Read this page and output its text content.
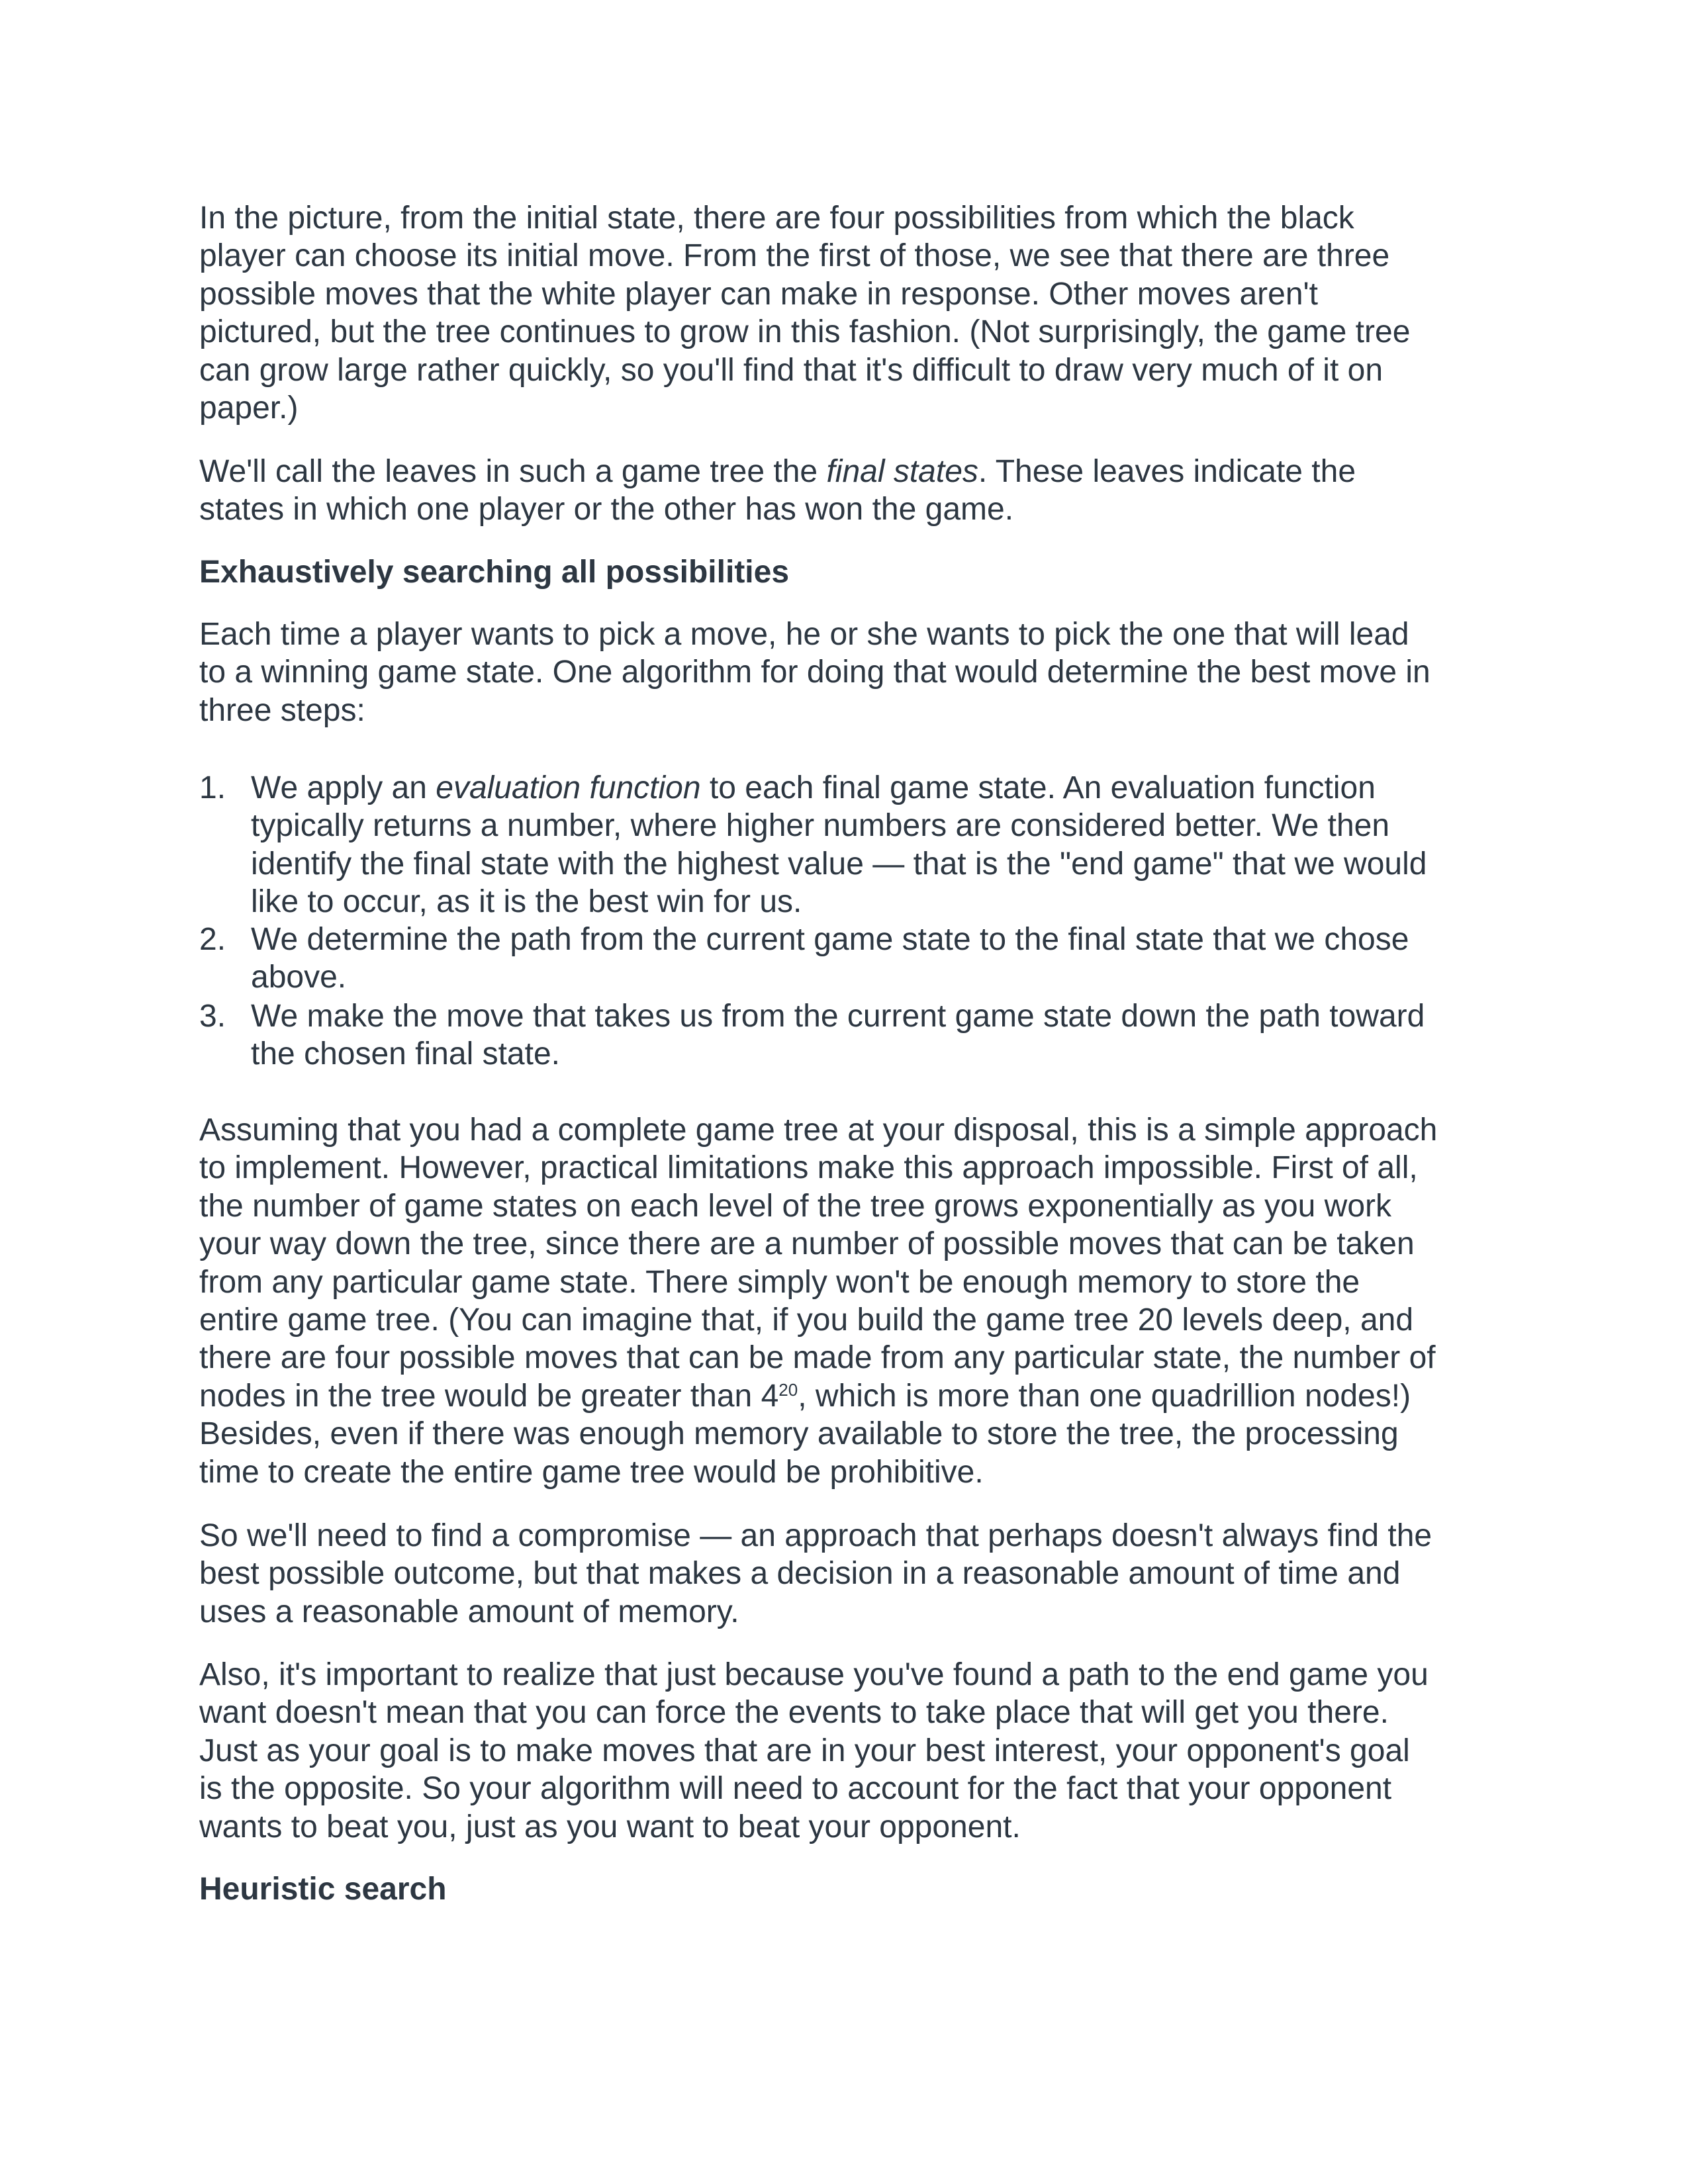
In the picture, from the initial state, there are four possibilities from which the black
player can choose its initial move. From the first of those, we see that there are three
possible moves that the white player can make in response. Other moves aren't
pictured, but the tree continues to grow in this fashion. (Not surprisingly, the game tree
can grow large rather quickly, so you'll find that it's difficult to draw very much of it on
paper.)
We'll call the leaves in such a game tree the final states. These leaves indicate the
states in which one player or the other has won the game.
Exhaustively searching all possibilities
Each time a player wants to pick a move, he or she wants to pick the one that will lead
to a winning game state. One algorithm for doing that would determine the best move in
three steps:
1. We apply an evaluation function to each final game state. An evaluation function
typically returns a number, where higher numbers are considered better. We then
identify the final state with the highest value — that is the "end game" that we would
like to occur, as it is the best win for us.
2. We determine the path from the current game state to the final state that we chose
above.
3. We make the move that takes us from the current game state down the path toward
the chosen final state.
Assuming that you had a complete game tree at your disposal, this is a simple approach
to implement. However, practical limitations make this approach impossible. First of all,
the number of game states on each level of the tree grows exponentially as you work
your way down the tree, since there are a number of possible moves that can be taken
from any particular game state. There simply won't be enough memory to store the
entire game tree. (You can imagine that, if you build the game tree 20 levels deep, and
there are four possible moves that can be made from any particular state, the number of
nodes in the tree would be greater than $4^{20}$, which is more than one quadrillion nodes!)
Besides, even if there was enough memory available to store the tree, the processing
time to create the entire game tree would be prohibitive.
So we'll need to find a compromise — an approach that perhaps doesn't always find the
best possible outcome, but that makes a decision in a reasonable amount of time and
uses a reasonable amount of memory.
Also, it's important to realize that just because you've found a path to the end game you
want doesn't mean that you can force the events to take place that will get you there.
Just as your goal is to make moves that are in your best interest, your opponent's goal
is the opposite. So your algorithm will need to account for the fact that your opponent
wants to beat you, just as you want to beat your opponent.
Heuristic search
